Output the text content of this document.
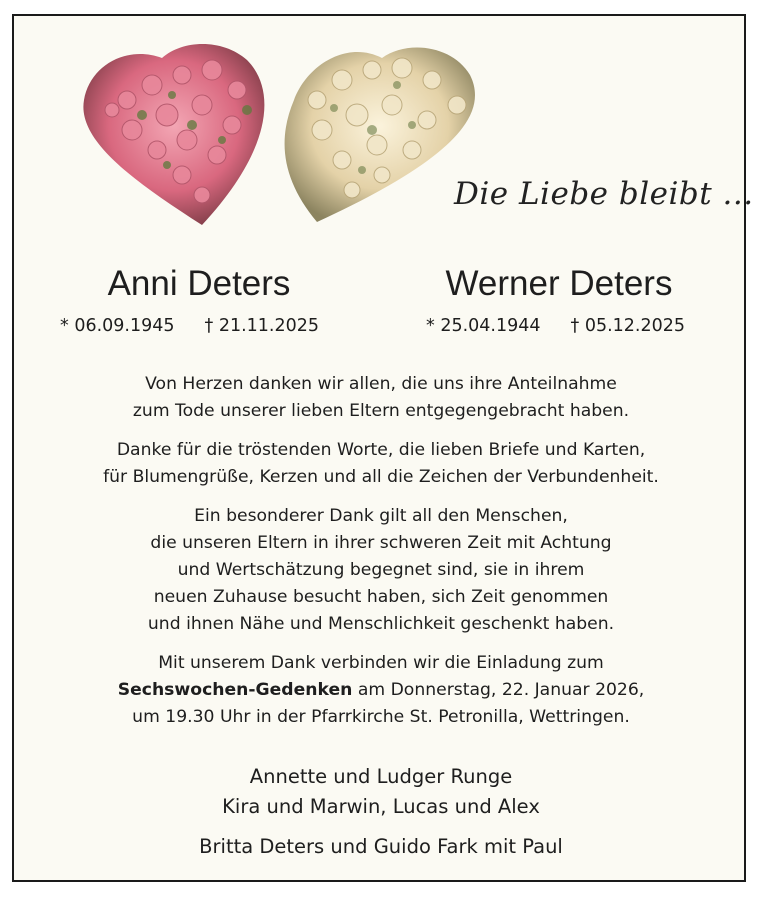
Die Liebe bleibt ...
Anni Deters	Werner Deters
* 06.09.1945 † 21.11.2025	* 25.04.1944 † 05.12.2025
Von Herzen danken wir allen, die uns ihre Anteilnahme
zum Tode unserer lieben Eltern entgegengebracht haben.
Danke für die tröstenden Worte, die lieben Briefe und Karten,
für Blumengrüße, Kerzen und all die Zeichen der Verbundenheit.
Ein besonderer Dank gilt all den Menschen,
die unseren Eltern in ihrer schweren Zeit mit Achtung
und Wertschätzung begegnet sind, sie in ihrem
neuen Zuhause besucht haben, sich Zeit genommen
und ihnen Nähe und Menschlichkeit geschenkt haben.
Mit unserem Dank verbinden wir die Einladung zum
Sechswochen-Gedenken am Donnerstag, 22. Januar 2026,
um 19.30 Uhr in der Pfarrkirche St. Petronilla, Wettringen.
Annette und Ludger Runge
Kira und Marwin, Lucas und Alex
Britta Deters und Guido Fark mit Paul
